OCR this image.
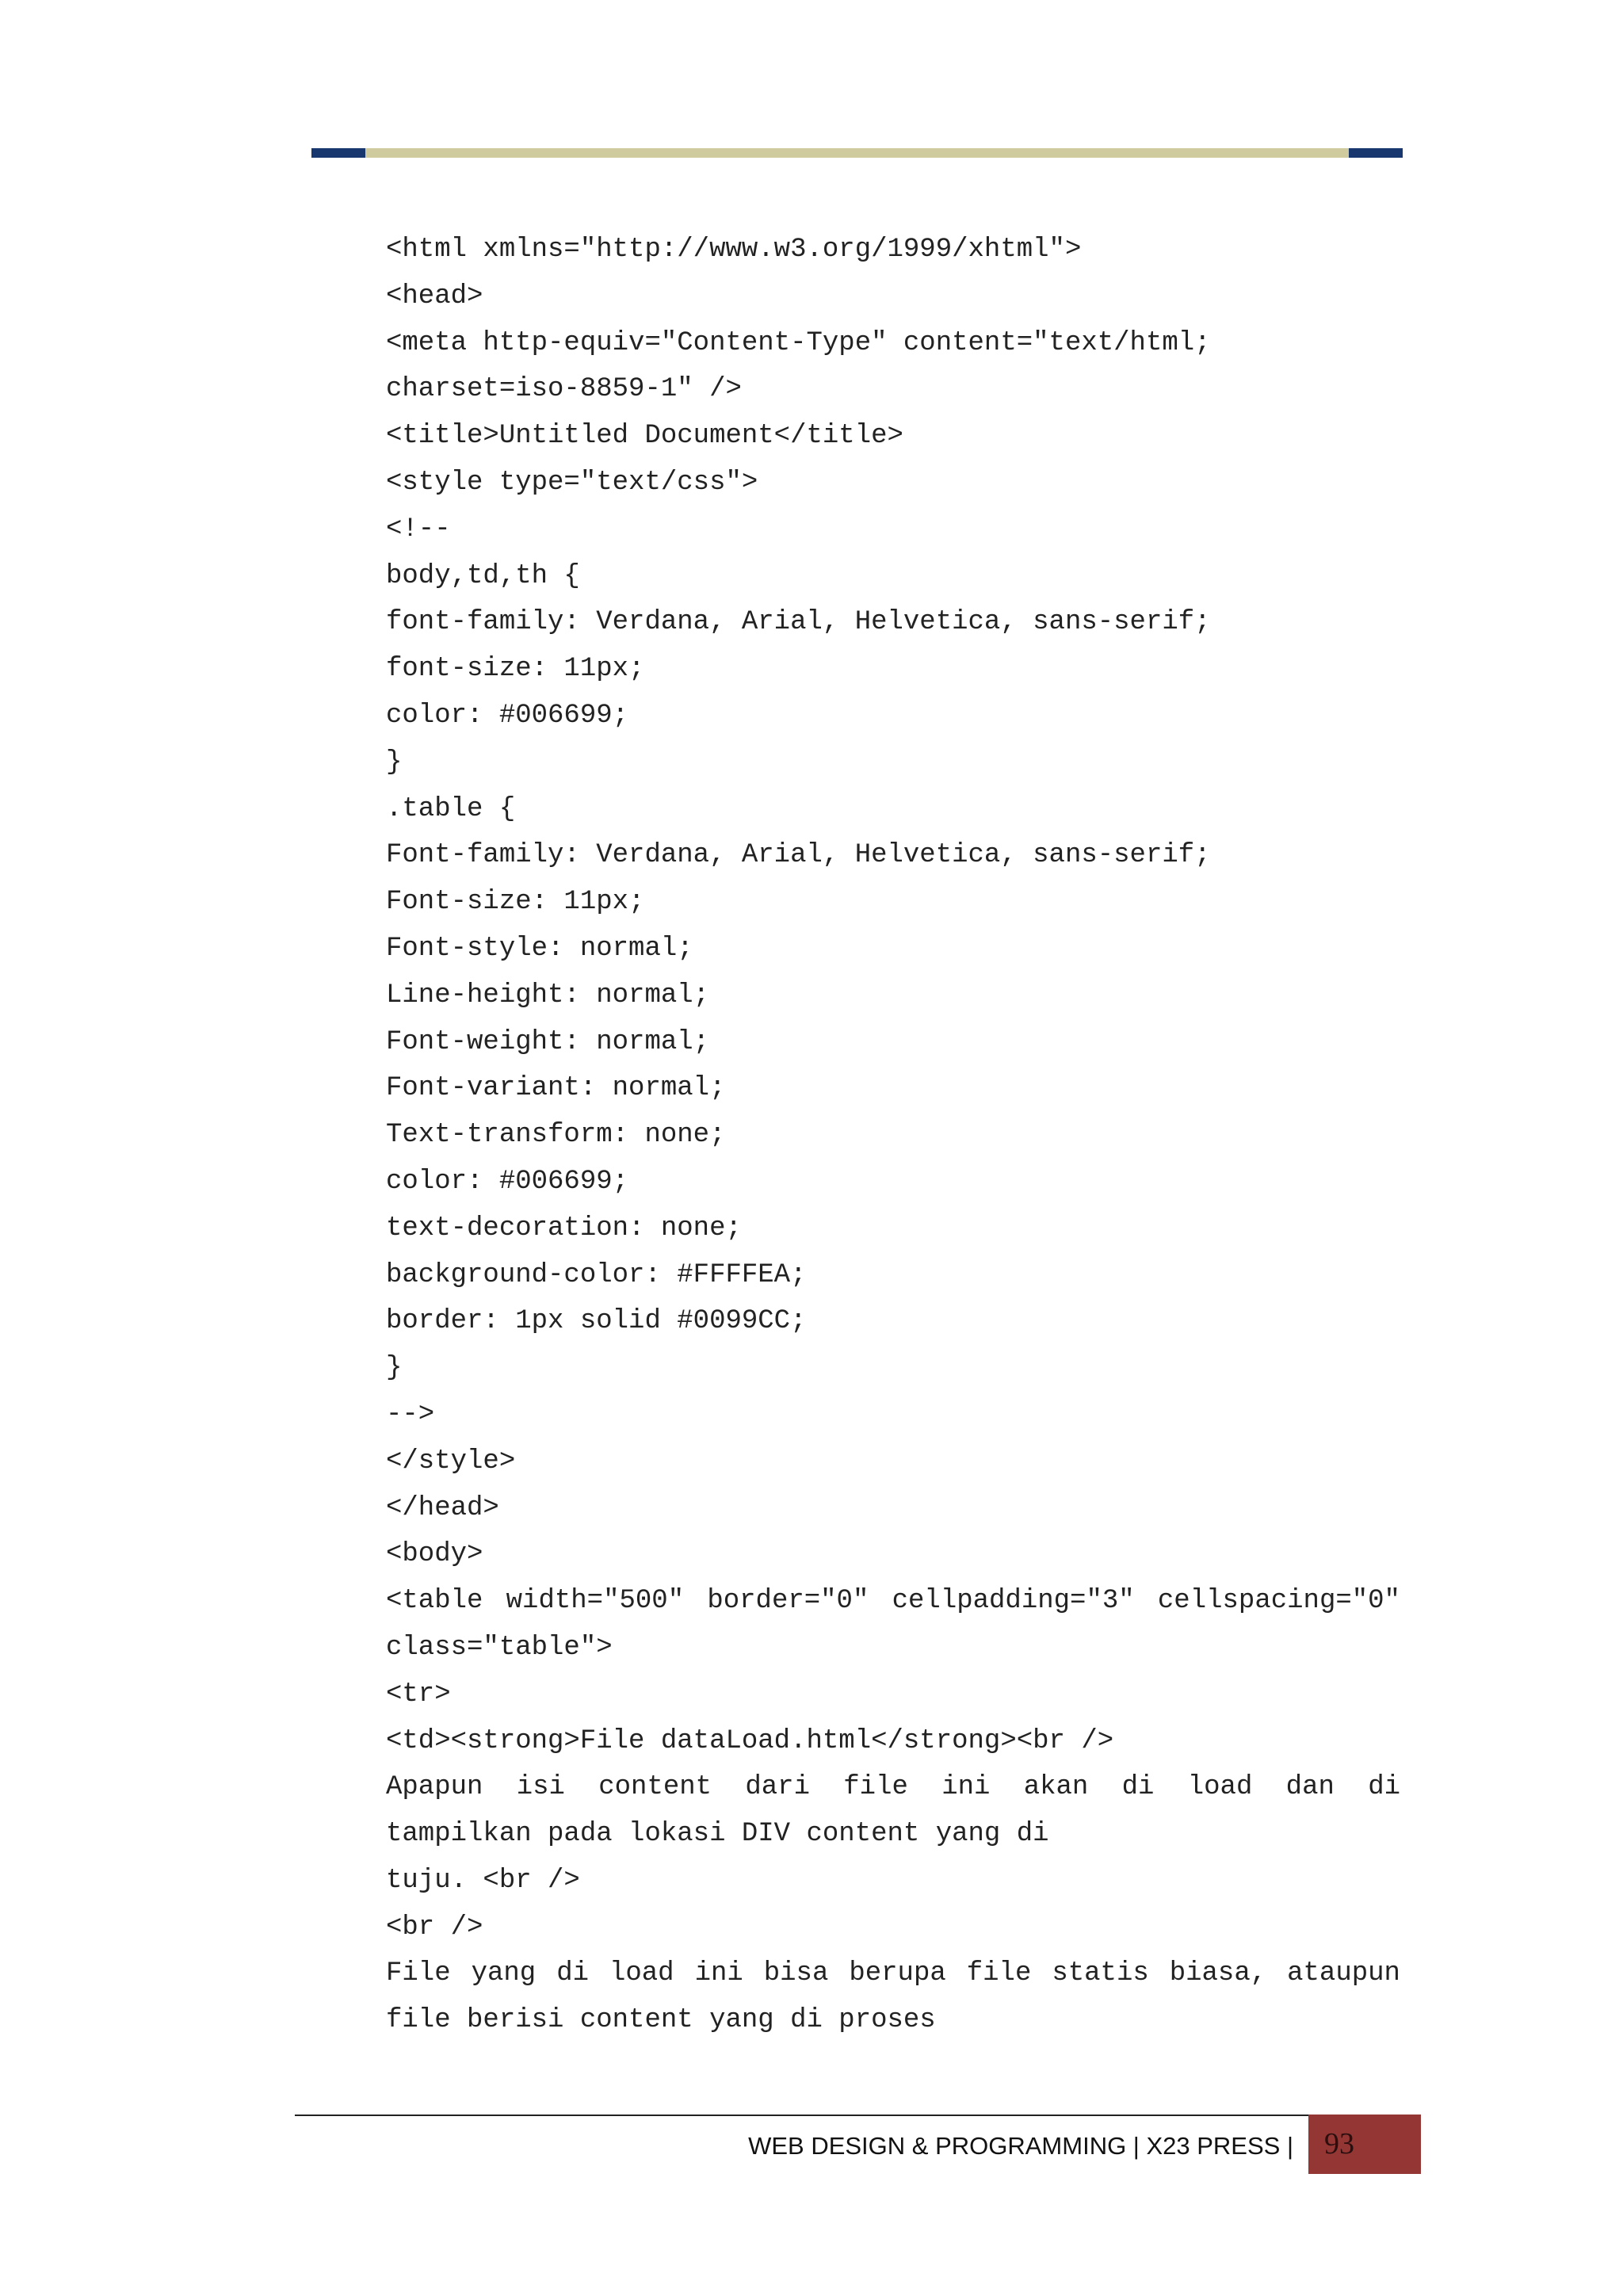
<html xmlns="http://www.w3.org/1999/xhtml">
<head>
<meta http-equiv="Content-Type" content="text/html;
charset=iso-8859-1" />
<title>Untitled Document</title>
<style type="text/css">
<!--
body,td,th {
font-family: Verdana, Arial, Helvetica, sans-serif;
font-size: 11px;
color: #006699;
}
.table {
Font-family: Verdana, Arial, Helvetica, sans-serif;
Font-size: 11px;
Font-style: normal;
Line-height: normal;
Font-weight: normal;
Font-variant: normal;
Text-transform: none;
color: #006699;
text-decoration: none;
background-color: #FFFFEA;
border: 1px solid #0099CC;
}
-->
</style>
</head>
<body>
<table width="500" border="0" cellpadding="3" cellspacing="0"
class="table">
<tr>
<td><strong>File dataLoad.html</strong><br />
Apapun isi content dari file ini akan di load dan di
tampilkan pada lokasi DIV content yang di
tuju. <br />
<br />
File yang di load ini bisa berupa file statis biasa, ataupun
file berisi content yang di proses
WEB DESIGN & PROGRAMMING | X23 PRESS |	93
